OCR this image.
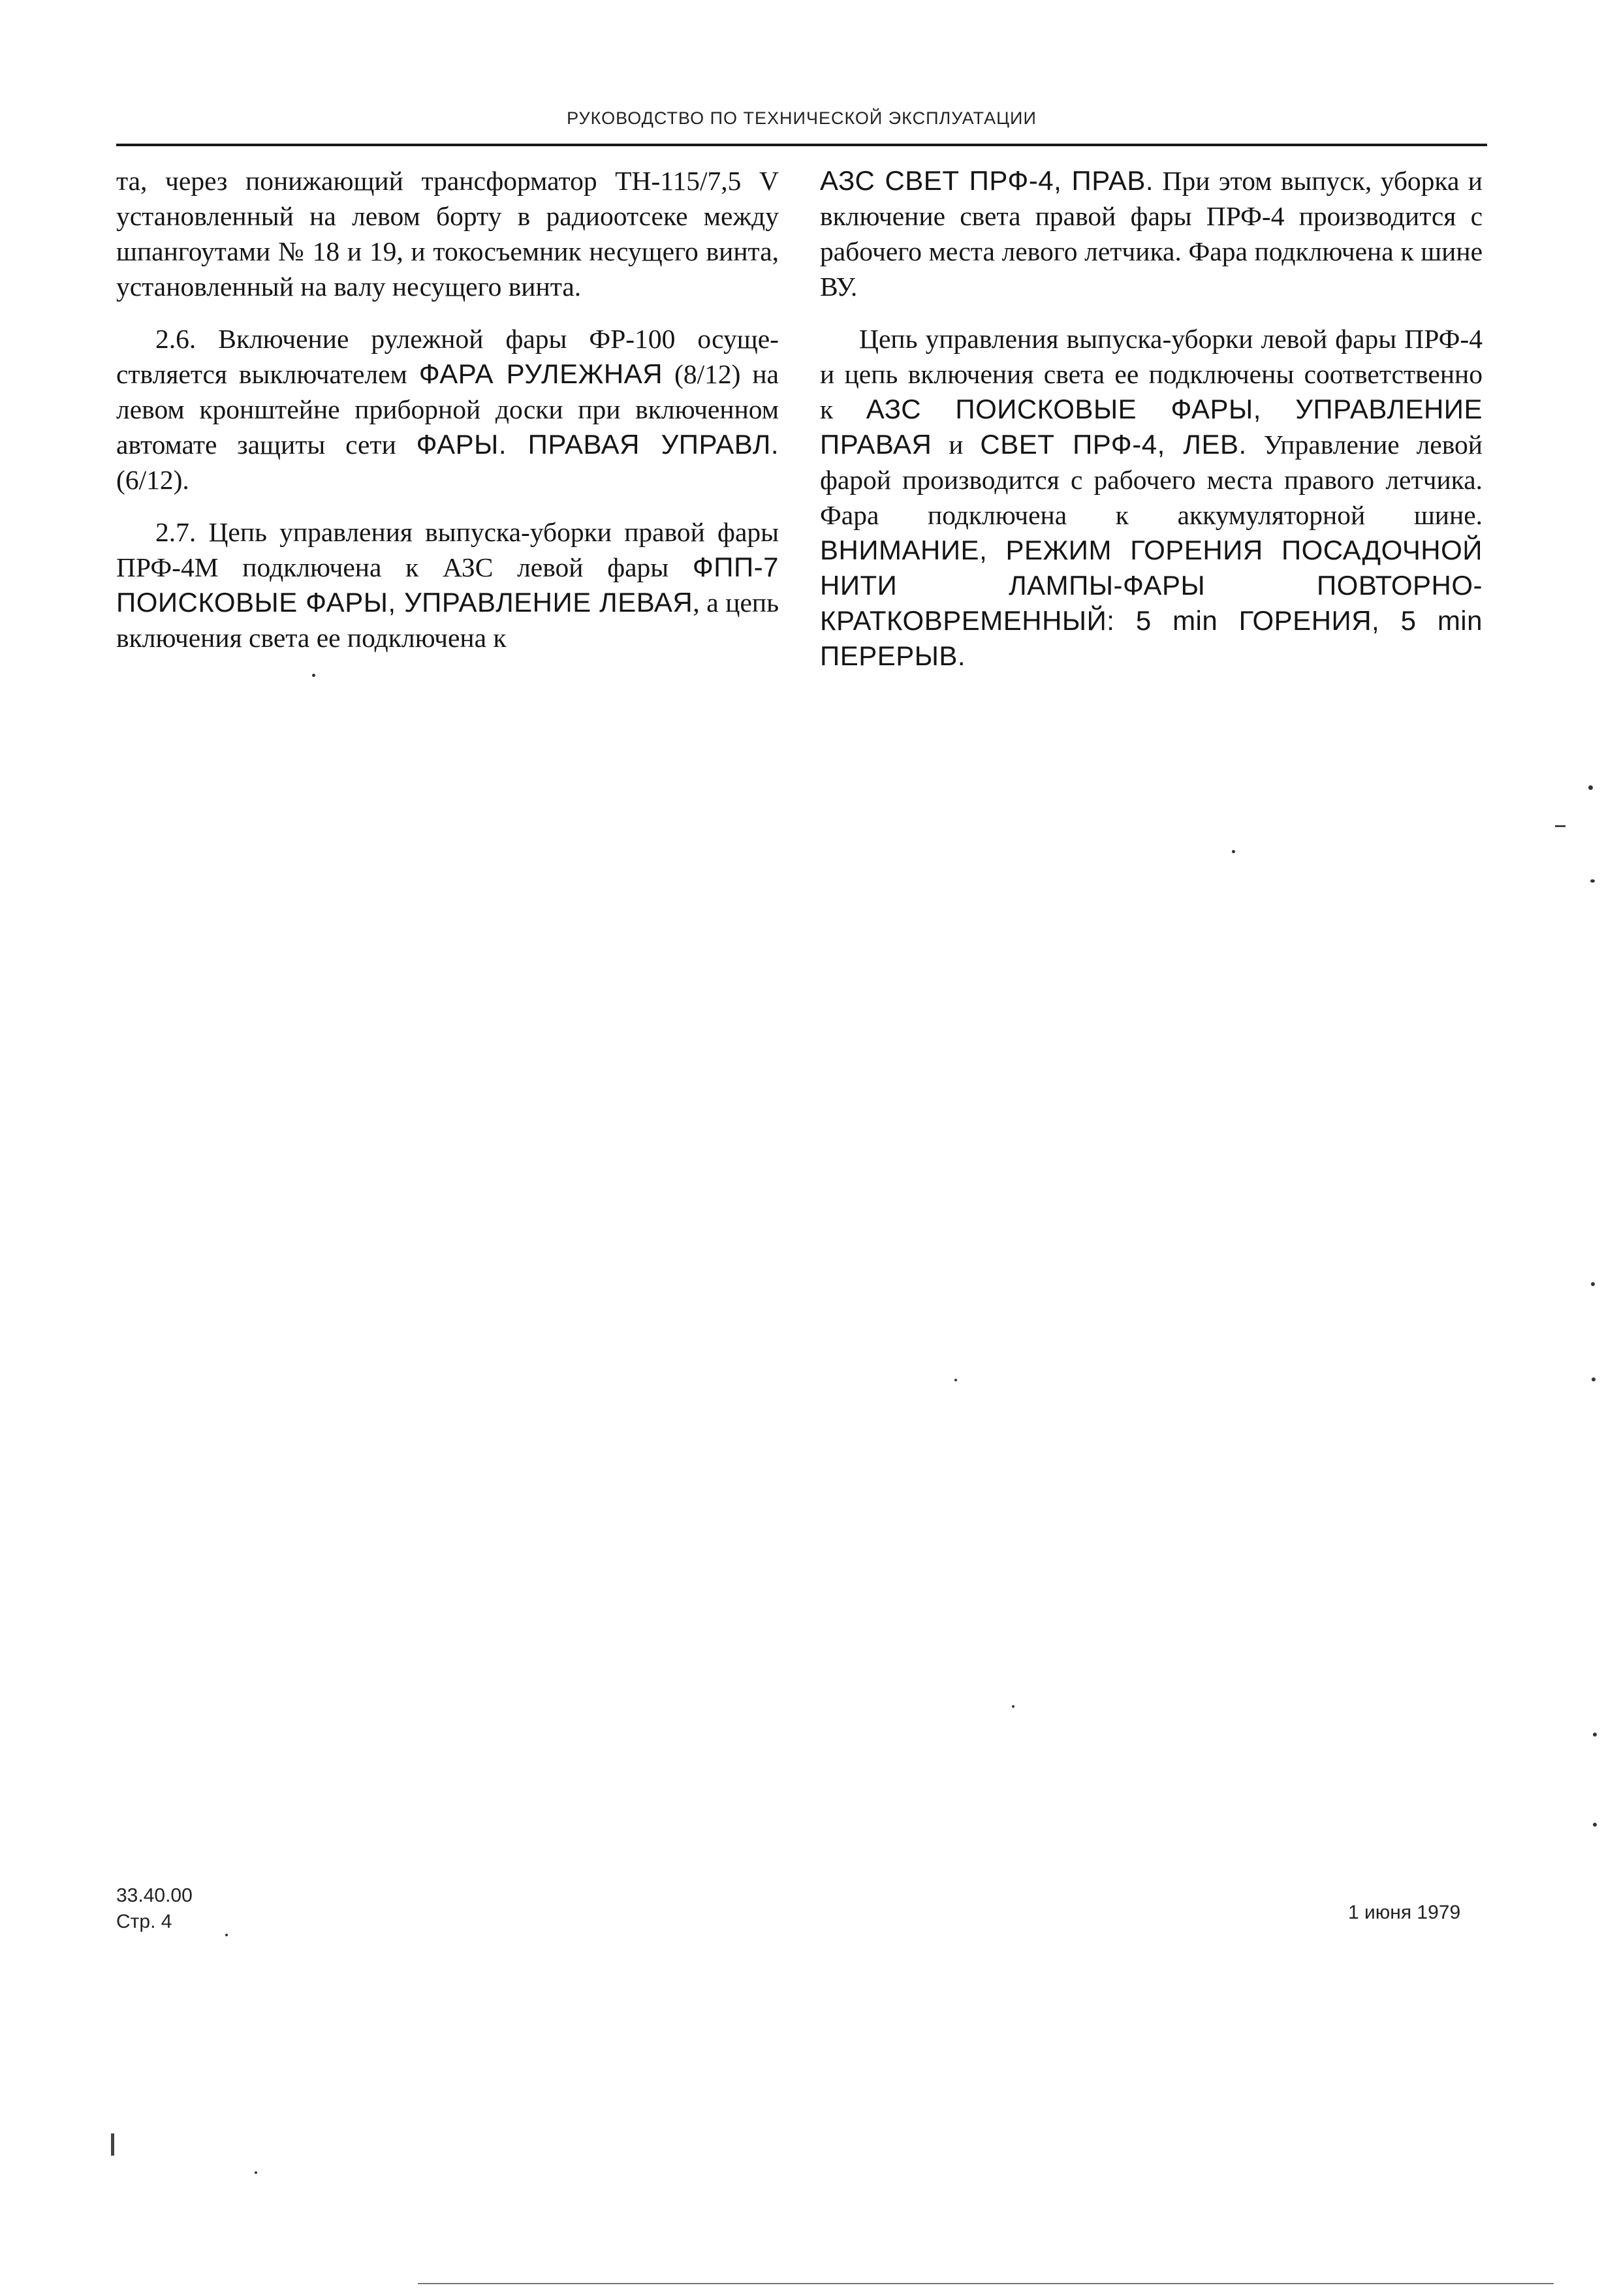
РУКОВОДСТВО ПО ТЕХНИЧЕСКОЙ ЭКСПЛУАТАЦИИ

та, через понижающий трансформатор ТН-115/7,5 V установленный на левом борту в радиоотсеке между шпангоутами № 18 и 19, и токосъемник несущего винта, установленный на валу несущего винта.

2.6. Включение рулежной фары ФР-100 осуществляется выключателем ФАРА РУЛЕЖНАЯ (8/12) на левом кронштейне приборной доски при включенном автомате защиты сети ФАРЫ. ПРАВАЯ УПРАВЛ. (6/12).

2.7. Цепь управления выпуска-уборки правой фары ПРФ-4М подключена к АЗС левой фары ФПП-7 ПОИСКОВЫЕ ФАРЫ, УПРАВЛЕНИЕ ЛЕВАЯ, а цепь включения света ее подключена к

АЗС СВЕТ ПРФ-4, ПРАВ. При этом выпуск, уборка и включение света правой фары ПРФ-4 производится с рабочего места левого летчика. Фара подключена к шине ВУ.

Цепь управления выпуска-уборки левой фары ПРФ-4 и цепь включения света ее подключены соответственно к АЗС ПОИСКОВЫЕ ФАРЫ, УПРАВЛЕНИЕ ПРАВАЯ и СВЕТ ПРФ-4, ЛЕВ. Управление левой фарой производится с рабочего места правого летчика. Фара подключена к аккумуляторной шине. ВНИМАНИЕ, РЕЖИМ ГОРЕНИЯ ПОСАДОЧНОЙ НИТИ ЛАМПЫ-ФАРЫ ПОВТОРНО-КРАТКОВРЕМЕННЫЙ: 5 min ГОРЕНИЯ, 5 min ПЕРЕРЫВ.

33.40.00
Стр. 4	1 июня 1979
